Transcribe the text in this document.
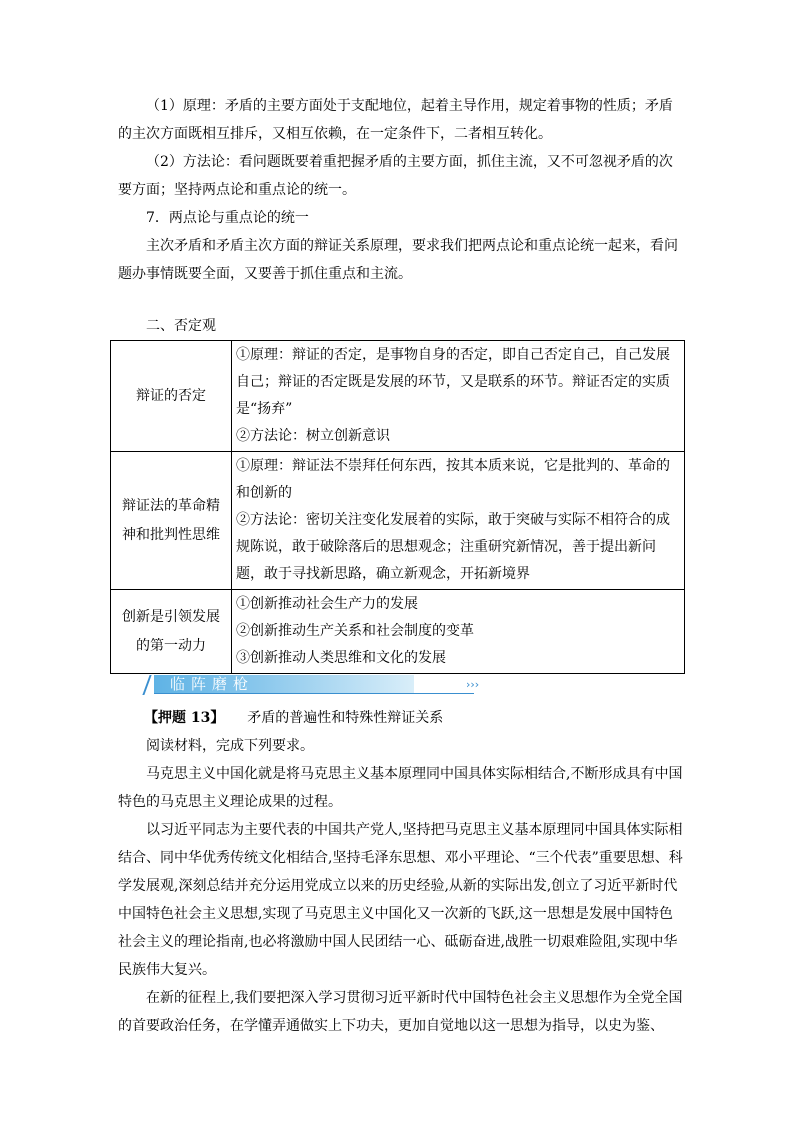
（1）原理：矛盾的主要方面处于支配地位，起着主导作用，规定着事物的性质；矛盾的主次方面既相互排斥，又相互依赖，在一定条件下，二者相互转化。

（2）方法论：看问题既要着重把握矛盾的主要方面，抓住主流，又不可忽视矛盾的次要方面；坚持两点论和重点论的统一。

7．两点论与重点论的统一

主次矛盾和矛盾主次方面的辩证关系原理，要求我们把两点论和重点论统一起来，看问题办事情既要全面，又要善于抓住重点和主流。

二、否定观

辩证的否定	①原理：辩证的否定，是事物自身的否定，即自己否定自己，自己发展自己；辩证的否定既是发展的环节，又是联系的环节。辩证否定的实质是“扬弃”
②方法论：树立创新意识

辩证法的革命精神和批判性思维	①原理：辩证法不崇拜任何东西，按其本质来说，它是批判的、革命的和创新的
②方法论：密切关注变化发展着的实际，敢于突破与实际不相符合的成规陈说，敢于破除落后的思想观念；注重研究新情况，善于提出新问题，敢于寻找新思路，确立新观念，开拓新境界

创新是引领发展的第一动力	①创新推动社会生产力的发展
②创新推动生产关系和社会制度的变革
③创新推动人类思维和文化的发展
临阵磨枪	›››
【押题 13】 矛盾的普遍性和特殊性辩证关系

阅读材料，完成下列要求。

马克思主义中国化就是将马克思主义基本原理同中国具体实际相结合,不断形成具有中国特色的马克思主义理论成果的过程。

以习近平同志为主要代表的中国共产党人,坚持把马克思主义基本原理同中国具体实际相结合、同中华优秀传统文化相结合,坚持毛泽东思想、邓小平理论、“三个代表”重要思想、科学发展观,深刻总结并充分运用党成立以来的历史经验,从新的实际出发,创立了习近平新时代中国特色社会主义思想,实现了马克思主义中国化又一次新的飞跃,这一思想是发展中国特色社会主义的理论指南,也必将激励中国人民团结一心、砥砺奋进,战胜一切艰难险阻,实现中华民族伟大复兴。

在新的征程上,我们要把深入学习贯彻习近平新时代中国特色社会主义思想作为全党全国的首要政治任务，在学懂弄通做实上下功夫，更加自觉地以这一思想为指导，以史为鉴、
